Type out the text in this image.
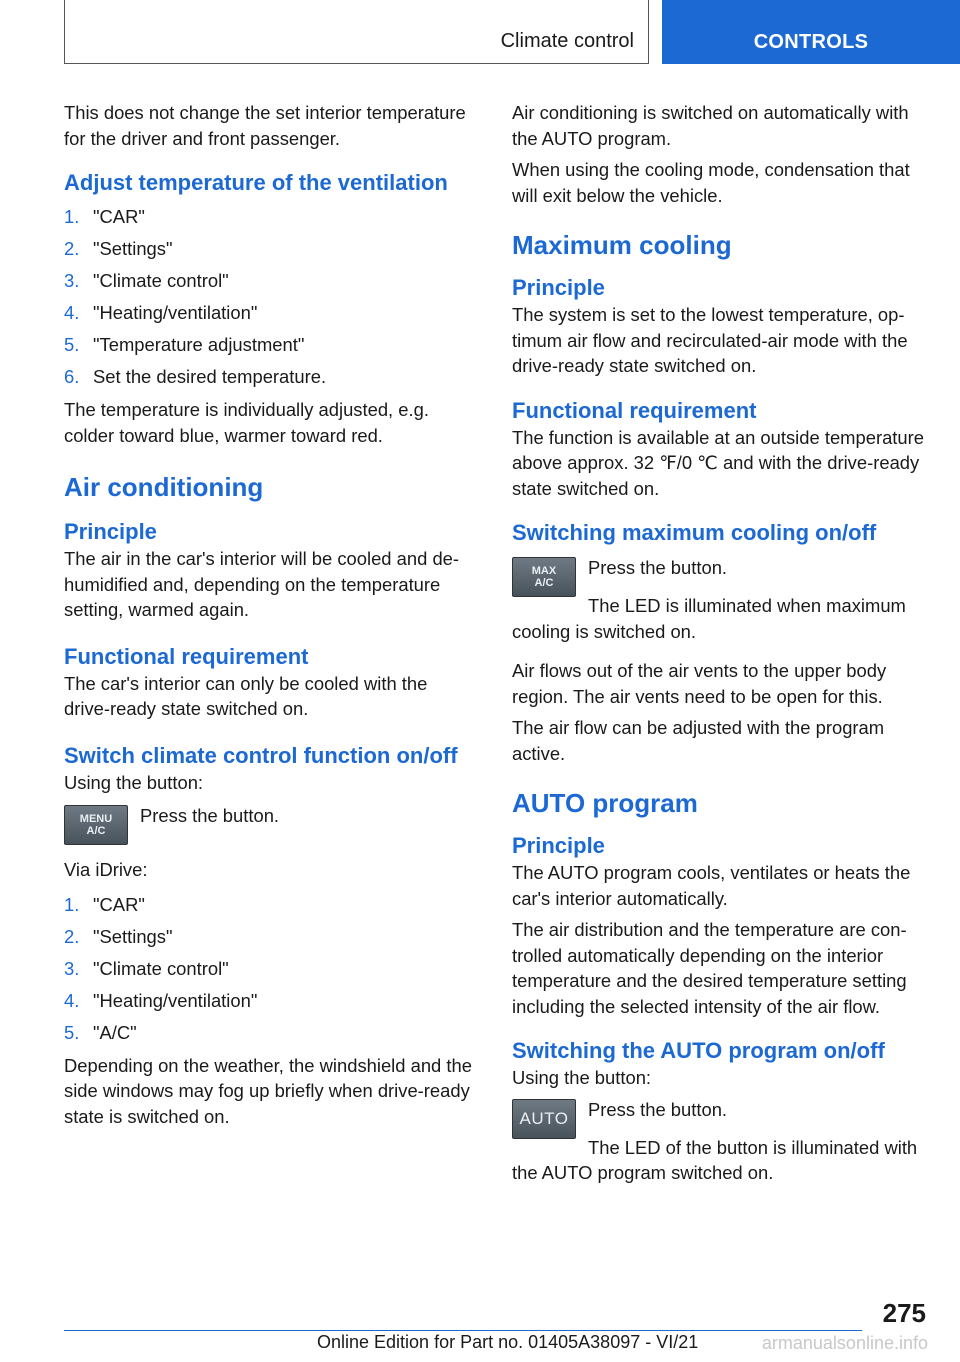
Climate control	CONTROLS

This does not change the set interior temperature for the driver and front passenger.

Adjust temperature of the ventilation
1. "CAR"
2. "Settings"
3. "Climate control"
4. "Heating/ventilation"
5. "Temperature adjustment"
6. Set the desired temperature.

The temperature is individually adjusted, e.g. colder toward blue, warmer toward red.

Air conditioning
Principle

The air in the car's interior will be cooled and dehumidified and, depending on the temperature setting, warmed again.

Functional requirement

The car's interior can only be cooled with the drive-ready state switched on.

Switch climate control function on/off

Using the button:

MENU
A/C

Press the button.

Via iDrive:

1. "CAR"
2. "Settings"
3. "Climate control"
4. "Heating/ventilation"
5. "A/C"

Depending on the weather, the windshield and the side windows may fog up briefly when drive-ready state is switched on.

Air conditioning is switched on automatically with the AUTO program.

When using the cooling mode, condensation that will exit below the vehicle.

Maximum cooling
Principle

The system is set to the lowest temperature, optimum air flow and recirculated-air mode with the drive-ready state switched on.

Functional requirement

The function is available at an outside temperature above approx. 32 ℉/0 ℃ and with the drive-ready state switched on.

Switching maximum cooling on/off
MAX
A/C

Press the button.

The LED is illuminated when maximum cooling is switched on.

Air flows out of the air vents to the upper body region. The air vents need to be open for this.

The air flow can be adjusted with the program active.

AUTO program
Principle

The AUTO program cools, ventilates or heats the car's interior automatically.

The air distribution and the temperature are controlled automatically depending on the interior temperature and the desired temperature setting including the selected intensity of the air flow.

Switching the AUTO program on/off

Using the button:

AUTO	Press the button.

The LED of the button is illuminated with the AUTO program switched on.

275
Online Edition for Part no. 01405A38097 - VI/21	armanualsonline.info
